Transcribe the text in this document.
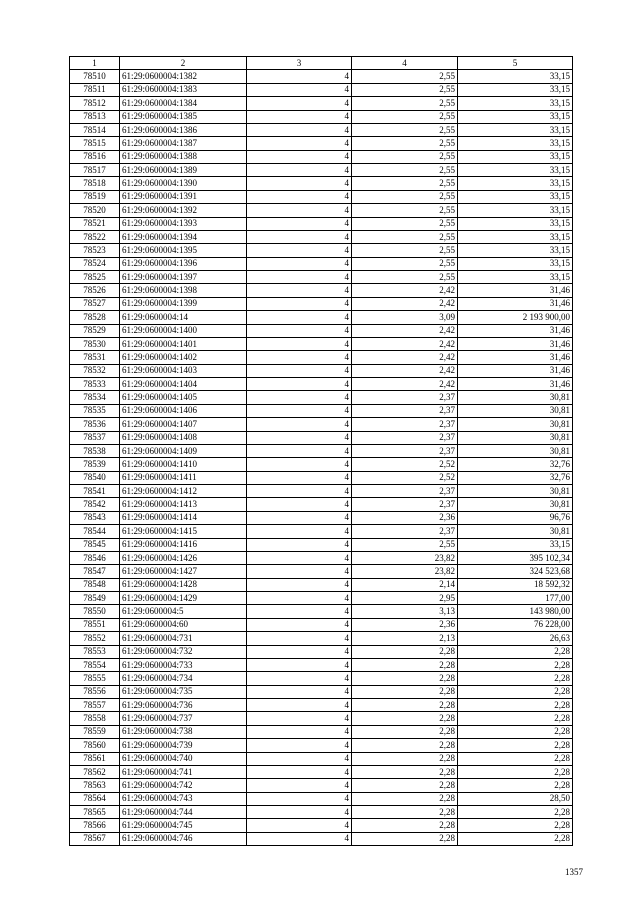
1	2	3	4	5
78510	61:29:0600004:1382	4	2,55	33,15
78511	61:29:0600004:1383	4	2,55	33,15
78512	61:29:0600004:1384	4	2,55	33,15
78513	61:29:0600004:1385	4	2,55	33,15
78514	61:29:0600004:1386	4	2,55	33,15
78515	61:29:0600004:1387	4	2,55	33,15
78516	61:29:0600004:1388	4	2,55	33,15
78517	61:29:0600004:1389	4	2,55	33,15
78518	61:29:0600004:1390	4	2,55	33,15
78519	61:29:0600004:1391	4	2,55	33,15
78520	61:29:0600004:1392	4	2,55	33,15
78521	61:29:0600004:1393	4	2,55	33,15
78522	61:29:0600004:1394	4	2,55	33,15
78523	61:29:0600004:1395	4	2,55	33,15
78524	61:29:0600004:1396	4	2,55	33,15
78525	61:29:0600004:1397	4	2,55	33,15
78526	61:29:0600004:1398	4	2,42	31,46
78527	61:29:0600004:1399	4	2,42	31,46
78528	61:29:0600004:14	4	3,09	2 193 900,00
78529	61:29:0600004:1400	4	2,42	31,46
78530	61:29:0600004:1401	4	2,42	31,46
78531	61:29:0600004:1402	4	2,42	31,46
78532	61:29:0600004:1403	4	2,42	31,46
78533	61:29:0600004:1404	4	2,42	31,46
78534	61:29:0600004:1405	4	2,37	30,81
78535	61:29:0600004:1406	4	2,37	30,81
78536	61:29:0600004:1407	4	2,37	30,81
78537	61:29:0600004:1408	4	2,37	30,81
78538	61:29:0600004:1409	4	2,37	30,81
78539	61:29:0600004:1410	4	2,52	32,76
78540	61:29:0600004:1411	4	2,52	32,76
78541	61:29:0600004:1412	4	2,37	30,81
78542	61:29:0600004:1413	4	2,37	30,81
78543	61:29:0600004:1414	4	2,36	96,76
78544	61:29:0600004:1415	4	2,37	30,81
78545	61:29:0600004:1416	4	2,55	33,15
78546	61:29:0600004:1426	4	23,82	395 102,34
78547	61:29:0600004:1427	4	23,82	324 523,68
78548	61:29:0600004:1428	4	2,14	18 592,32
78549	61:29:0600004:1429	4	2,95	177,00
78550	61:29:0600004:5	4	3,13	143 980,00
78551	61:29:0600004:60	4	2,36	76 228,00
78552	61:29:0600004:731	4	2,13	26,63
78553	61:29:0600004:732	4	2,28	2,28
78554	61:29:0600004:733	4	2,28	2,28
78555	61:29:0600004:734	4	2,28	2,28
78556	61:29:0600004:735	4	2,28	2,28
78557	61:29:0600004:736	4	2,28	2,28
78558	61:29:0600004:737	4	2,28	2,28
78559	61:29:0600004:738	4	2,28	2,28
78560	61:29:0600004:739	4	2,28	2,28
78561	61:29:0600004:740	4	2,28	2,28
78562	61:29:0600004:741	4	2,28	2,28
78563	61:29:0600004:742	4	2,28	2,28
78564	61:29:0600004:743	4	2,28	28,50
78565	61:29:0600004:744	4	2,28	2,28
78566	61:29:0600004:745	4	2,28	2,28
78567	61:29:0600004:746	4	2,28	2,28
1357
